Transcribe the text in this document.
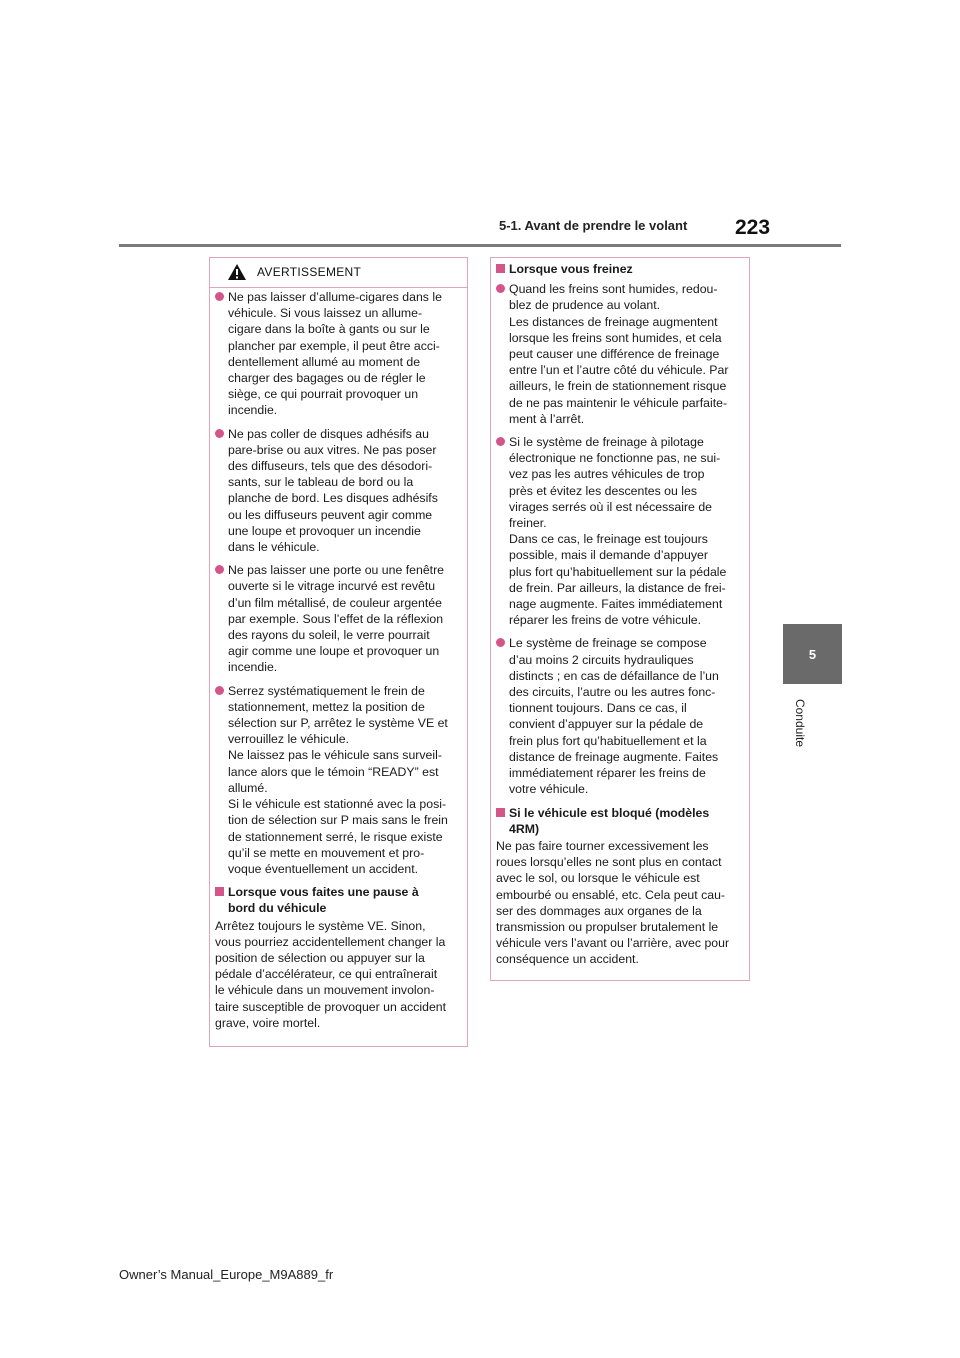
5-1. Avant de prendre le volant 223
5
Conduite
AVERTISSEMENT
Ne pas laisser d’allume-cigares dans le
véhicule. Si vous laissez un allume-
cigare dans la boîte à gants ou sur le
plancher par exemple, il peut être acci-
dentellement allumé au moment de
charger des bagages ou de régler le
siège, ce qui pourrait provoquer un
incendie.
Ne pas coller de disques adhésifs au
pare-brise ou aux vitres. Ne pas poser
des diffuseurs, tels que des désodori-
sants, sur le tableau de bord ou la
planche de bord. Les disques adhésifs
ou les diffuseurs peuvent agir comme
une loupe et provoquer un incendie
dans le véhicule.
Ne pas laisser une porte ou une fenêtre
ouverte si le vitrage incurvé est revêtu
d’un film métallisé, de couleur argentée
par exemple. Sous l’effet de la réflexion
des rayons du soleil, le verre pourrait
agir comme une loupe et provoquer un
incendie.
Serrez systématiquement le frein de
stationnement, mettez la position de
sélection sur P, arrêtez le système VE et
verrouillez le véhicule.
Ne laissez pas le véhicule sans surveil-
lance alors que le témoin “READY” est
allumé.
Si le véhicule est stationné avec la posi-
tion de sélection sur P mais sans le frein
de stationnement serré, le risque existe
qu’il se mette en mouvement et pro-
voque éventuellement un accident.
Lorsque vous faites une pause à
bord du véhicule
Arrêtez toujours le système VE. Sinon,
vous pourriez accidentellement changer la
position de sélection ou appuyer sur la
pédale d’accélérateur, ce qui entraînerait
le véhicule dans un mouvement involon-
taire susceptible de provoquer un accident
grave, voire mortel.
Lorsque vous freinez
Quand les freins sont humides, redou-
blez de prudence au volant.
Les distances de freinage augmentent
lorsque les freins sont humides, et cela
peut causer une différence de freinage
entre l’un et l’autre côté du véhicule. Par
ailleurs, le frein de stationnement risque
de ne pas maintenir le véhicule parfaite-
ment à l’arrêt.
Si le système de freinage à pilotage
électronique ne fonctionne pas, ne sui-
vez pas les autres véhicules de trop
près et évitez les descentes ou les
virages serrés où il est nécessaire de
freiner.
Dans ce cas, le freinage est toujours
possible, mais il demande d’appuyer
plus fort qu’habituellement sur la pédale
de frein. Par ailleurs, la distance de frei-
nage augmente. Faites immédiatement
réparer les freins de votre véhicule.
Le système de freinage se compose
d’au moins 2 circuits hydrauliques
distincts ; en cas de défaillance de l’un
des circuits, l’autre ou les autres fonc-
tionnent toujours. Dans ce cas, il
convient d’appuyer sur la pédale de
frein plus fort qu’habituellement et la
distance de freinage augmente. Faites
immédiatement réparer les freins de
votre véhicule.
Si le véhicule est bloqué (modèles
4RM)
Ne pas faire tourner excessivement les
roues lorsqu’elles ne sont plus en contact
avec le sol, ou lorsque le véhicule est
embourbé ou ensablé, etc. Cela peut cau-
ser des dommages aux organes de la
transmission ou propulser brutalement le
véhicule vers l’avant ou l’arrière, avec pour
conséquence un accident.
Owner’s Manual_Europe_M9A889_fr
